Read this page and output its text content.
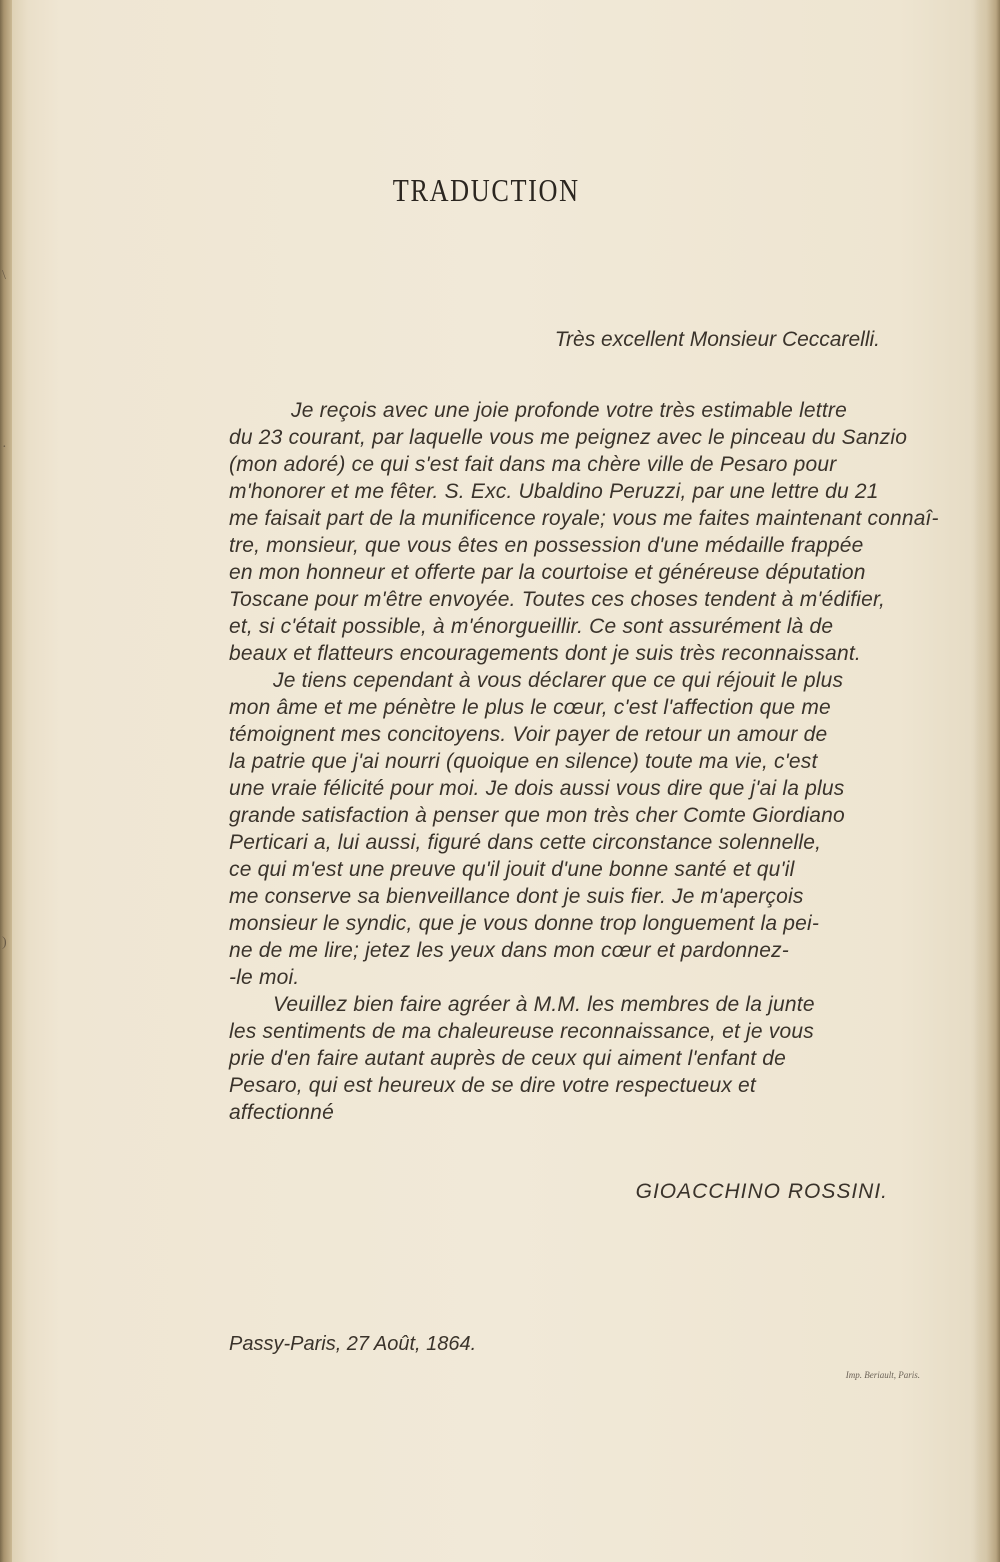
\
·
)
TRADUCTION
Très excellent Monsieur Ceccarelli.
Je reçois avec une joie profonde votre très estimable lettre
du 23 courant, par laquelle vous me peignez avec le pinceau du Sanzio
(mon adoré) ce qui s'est fait dans ma chère ville de Pesaro pour
m'honorer et me fêter. S. Exc. Ubaldino Peruzzi, par une lettre du 21
me faisait part de la munificence royale; vous me faites maintenant connaî-
tre, monsieur, que vous êtes en possession d'une médaille frappée
en mon honneur et offerte par la courtoise et généreuse députation
Toscane pour m'être envoyée. Toutes ces choses tendent à m'édifier,
et, si c'était possible, à m'énorgueillir. Ce sont assurément là de
beaux et flatteurs encouragements dont je suis très reconnaissant.
Je tiens cependant à vous déclarer que ce qui réjouit le plus
mon âme et me pénètre le plus le cœur, c'est l'affection que me
témoignent mes concitoyens. Voir payer de retour un amour de
la patrie que j'ai nourri (quoique en silence) toute ma vie, c'est
une vraie félicité pour moi. Je dois aussi vous dire que j'ai la plus
grande satisfaction à penser que mon très cher Comte Giordiano
Perticari a, lui aussi, figuré dans cette circonstance solennelle,
ce qui m'est une preuve qu'il jouit d'une bonne santé et qu'il
me conserve sa bienveillance dont je suis fier. Je m'aperçois
monsieur le syndic, que je vous donne trop longuement la pei-
ne de me lire; jetez les yeux dans mon cœur et pardonnez-
-le moi.
Veuillez bien faire agréer à M.M. les membres de la junte
les sentiments de ma chaleureuse reconnaissance, et je vous
prie d'en faire autant auprès de ceux qui aiment l'enfant de
Pesaro, qui est heureux de se dire votre respectueux et
affectionné
GIOACCHINO ROSSINI.
Passy-Paris, 27 Août, 1864.
Imp. Beriault, Paris.
